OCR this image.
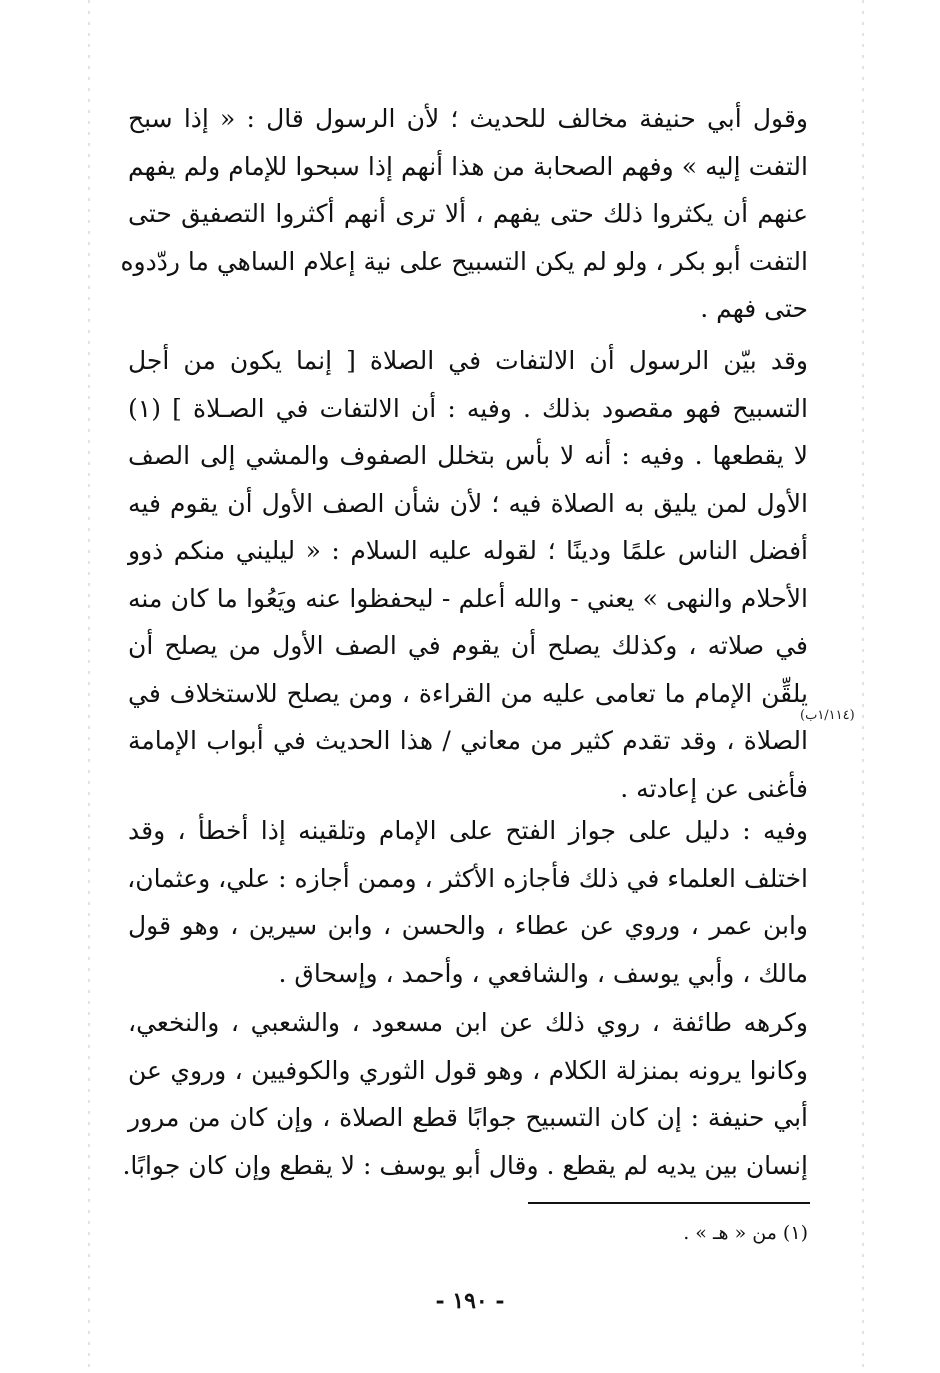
وقول أبي حنيفة مخالف للحديث ؛ لأن الرسول قال : « إذا سبح
التفت إليه » وفهم الصحابة من هذا أنهم إذا سبحوا للإمام ولم يفهم
عنهم أن يكثروا ذلك حتى يفهم ، ألا ترى أنهم أكثروا التصفيق حتى
التفت أبو بكر ، ولو لم يكن التسبيح على نية إعلام الساهي ما ردّدوه
حتى فهم .

وقد بيّن الرسول أن الالتفات في الصلاة [ إنما يكون من أجل
التسبيح فهو مقصود بذلك . وفيه : أن الالتفات في الصـلاة ] (١)
لا يقطعها . وفيه : أنه لا بأس بتخلل الصفوف والمشي إلى الصف
الأول لمن يليق به الصلاة فيه ؛ لأن شأن الصف الأول أن يقوم فيه
أفضل الناس علمًا ودينًا ؛ لقوله عليه السلام : « ليليني منكم ذوو
الأحلام والنهى » يعني - والله أعلم - ليحفظوا عنه ويَعُوا ما كان منه
في صلاته ، وكذلك يصلح أن يقوم في الصف الأول من يصلح أن
يلقِّن الإمام ما تعامى عليه من القراءة ، ومن يصلح للاستخلاف في
الصلاة ، وقد تقدم كثير من معاني / هذا الحديث في أبواب الإمامة
فأغنى عن إعادته .

(١/١١٤ب)

وفيه : دليل على جواز الفتح على الإمام وتلقينه إذا أخطأ ، وقد
اختلف العلماء في ذلك فأجازه الأكثر ، وممن أجازه : علي، وعثمان،
وابن عمر ، وروي عن عطاء ، والحسن ، وابن سيرين ، وهو قول
مالك ، وأبي يوسف ، والشافعي ، وأحمد ، وإسحاق .

وكرهه طائفة ، روي ذلك عن ابن مسعود ، والشعبي ، والنخعي،
وكانوا يرونه بمنزلة الكلام ، وهو قول الثوري والكوفيين ، وروي عن
أبي حنيفة : إن كان التسبيح جوابًا قطع الصلاة ، وإن كان من مرور
إنسان بين يديه لم يقطع . وقال أبو يوسف : لا يقطع وإن كان جوابًا.

(١) من « هـ » .
- ١٩٠ -
